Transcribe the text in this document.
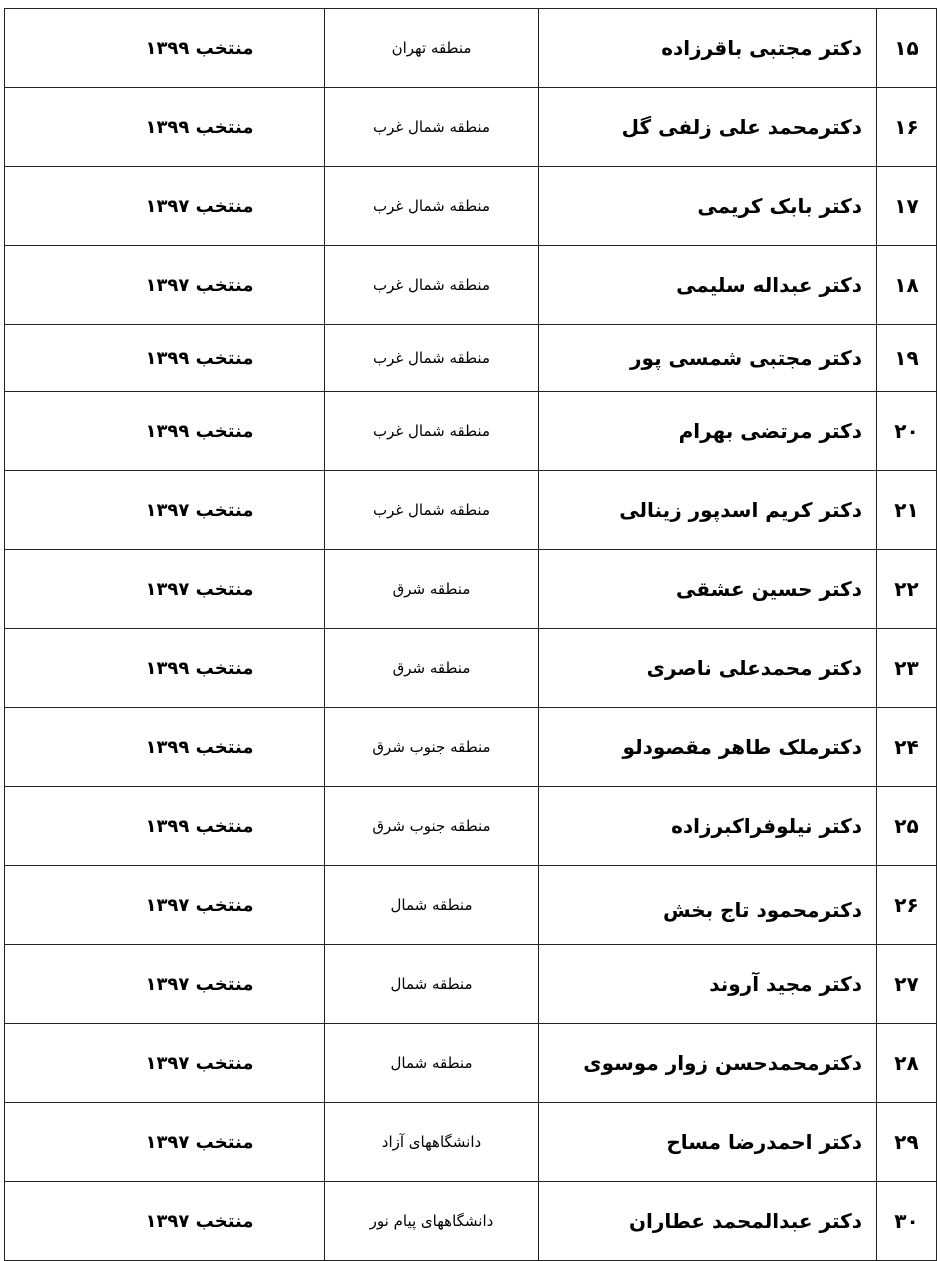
۱۵	دکتر مجتبی باقرزاده	منطقه تهران	منتخب ۱۳۹۹
۱۶	دکترمحمد علی زلفی گل	منطقه شمال غرب	منتخب ۱۳۹۹
۱۷	دکتر بابک کریمی	منطقه شمال غرب	منتخب ۱۳۹۷
۱۸	دکتر عبداله سلیمی	منطقه شمال غرب	منتخب ۱۳۹۷
۱۹	دکتر مجتبی شمسی پور	منطقه شمال غرب	منتخب ۱۳۹۹
۲۰	دکتر مرتضی بهرام	منطقه شمال غرب	منتخب ۱۳۹۹
۲۱	دکتر کریم اسدپور زینالی	منطقه شمال غرب	منتخب ۱۳۹۷
۲۲	دکتر حسین عشقی	منطقه شرق	منتخب ۱۳۹۷
۲۳	دکتر محمدعلی ناصری	منطقه شرق	منتخب ۱۳۹۹
۲۴	دکترملک طاهر مقصودلو	منطقه جنوب شرق	منتخب ۱۳۹۹
۲۵	دکتر نیلوفراکبرزاده	منطقه جنوب شرق	منتخب ۱۳۹۹
۲۶	دکترمحمود تاج بخش	منطقه شمال	منتخب ۱۳۹۷
۲۷	دکتر مجید آروند	منطقه شمال	منتخب ۱۳۹۷
۲۸	دکترمحمدحسن زوار موسوی	منطقه شمال	منتخب ۱۳۹۷
۲۹	دکتر احمدرضا مساح	دانشگاههای آزاد	منتخب ۱۳۹۷
۳۰	دکتر عبدالمحمد عطاران	دانشگاههای پیام نور	منتخب ۱۳۹۷
